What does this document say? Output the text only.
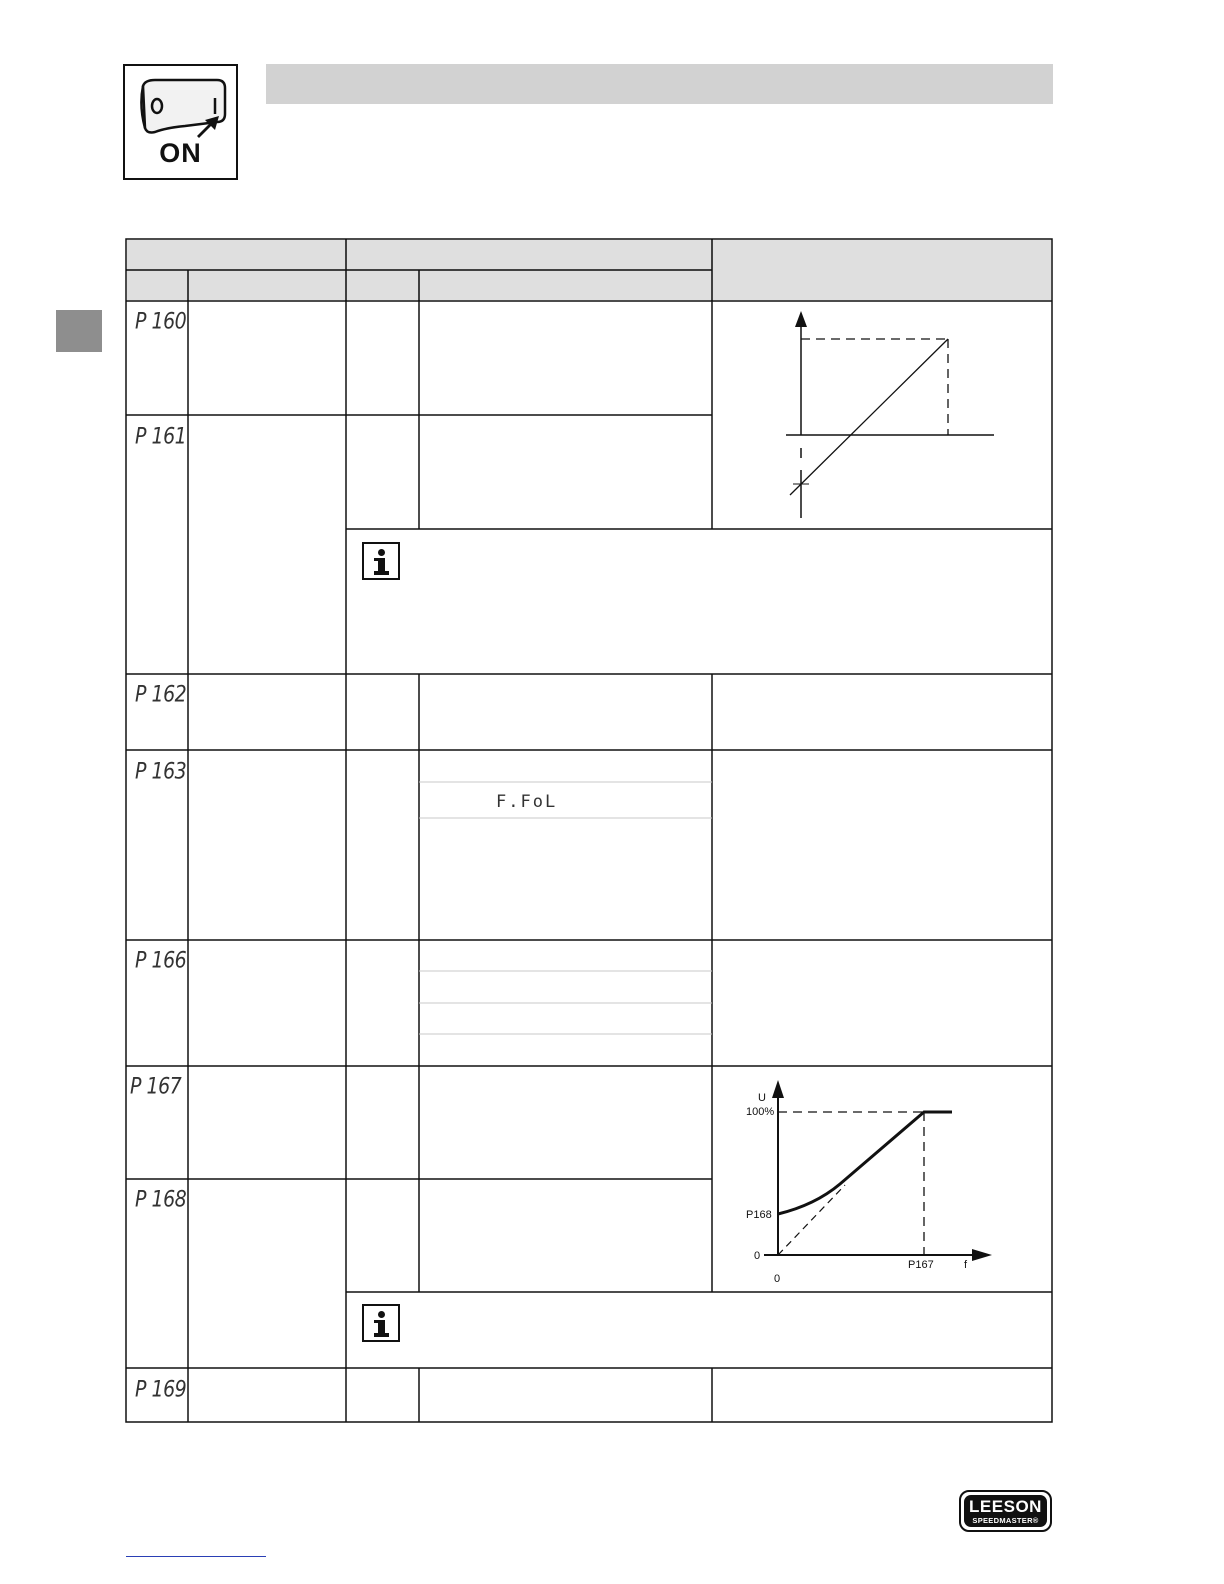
ON
P 160
P 161
P 162
P 163
P 166
P 167
P 168
P 169
F.FoL
U
100%
P168
0
0
P167	f
LEESON
SPEEDMASTER®
